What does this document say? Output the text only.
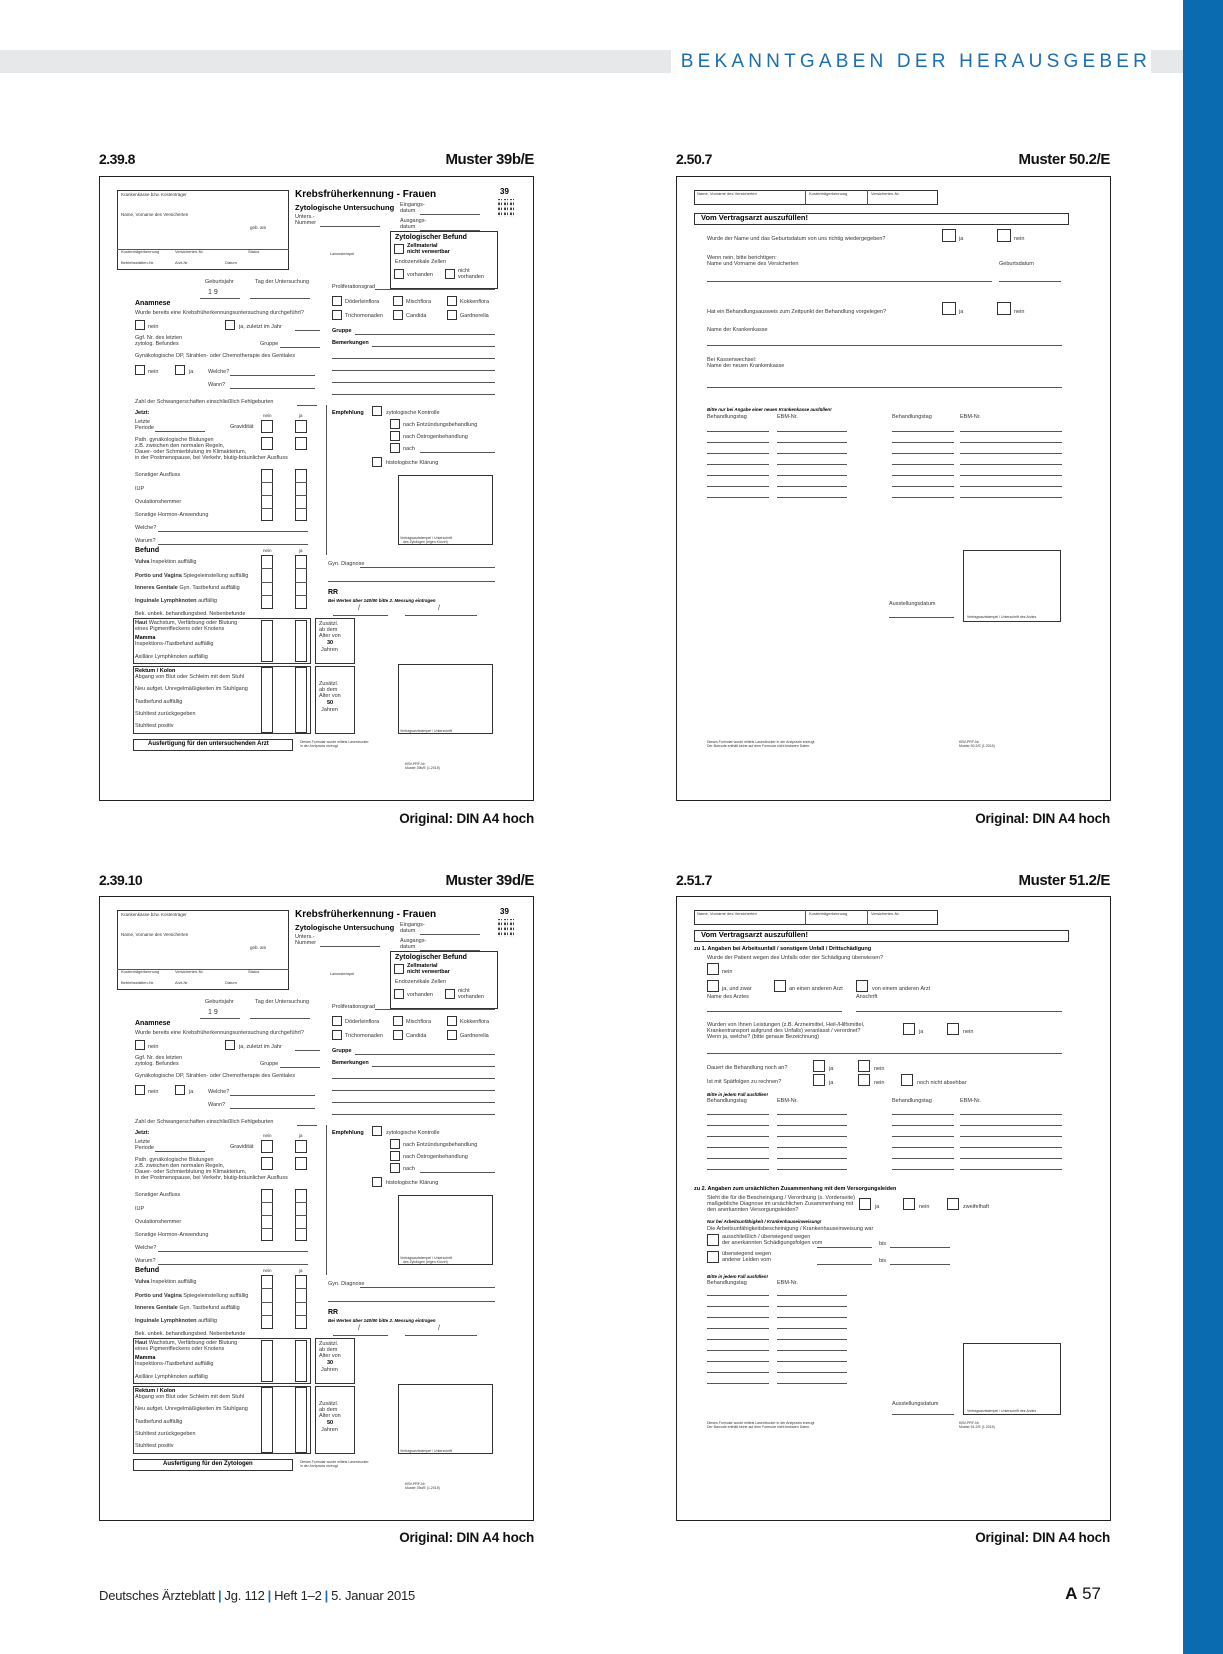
BEKANNTGABEN DER HERAUSGEBER
2.39.8	Muster 39b/E	2.50.7	Muster 50.2/E
2.39.10	Muster 39d/E	2.51.7	Muster 51.2/E
Krankenkasse bzw. Kostenträger
Name, Vorname des Versicherten
geb. am
Kostenträgerkennung	Versicherten-Nr.	Status
Betriebsstätten-Nr.	Arzt-Nr.	Datum
Krebsfrüherkennung - Frauen	39
Zytologische Untersuchung
Unters.-
Nummer
Eingangs-
datum
Ausgangs-
datum
Laborstempel
Zytologischer Befund
Zellmaterial
nicht verwertbar
Endozervikale Zellen
vorhanden
nicht
vorhanden
Geburtsjahr	Tag der Untersuchung
1 9
Proliferationsgrad
Döderleinflora	Mischflora	Kokkenflora
Trichomonaden	Candida	Gardnerella
Gruppe
Bemerkungen
Anamnese
Wurde bereits eine Krebsfrüherkennungsuntersuchung durchgeführt?
nein	ja, zuletzt im Jahr
Ggf. Nr. des letzten
zytolog. Befundes	Gruppe
Gynäkologische OP, Strahlen- oder Chemotherapie des Genitales
nein	ja	Welche?
Wann?
Zahl der Schwangerschaften einschließlich Fehlgeburten
Jetzt:	nein	ja
Letzte
Periode	Gravidität
Path. gynäkologische Blutungen
z.B. zwischen den normalen Regeln,
Dauer- oder Schmierblutung im Klimakterium,
in der Postmenopause, bei Verkehr, blutig-bräunlicher Ausfluss
Sonstiger Ausfluss
IUP
Ovulationshemmer
Sonstige Hormon-Anwendung
Welche?
Warum?
Empfehlung	zytologische Kontrolle
nach Entzündungsbehandlung
nach Östrogenbehandlung
nach
histologische Klärung
Vertragsarztstempel / Unterschrift
des Zytologen (eigen Kürzel)
Befund	nein	ja
Vulva Inspektion auffällig
Portio und Vagina Spiegeleinstellung auffällig
Inneres Genitale Gyn. Tastbefund auffällig
Inguinale Lymphknoten auffällig
Bek. unbek. behandlungsbed. Nebenbefunde
Gyn. Diagnose
RR
Bei Werten über 140/90 bitte 2. Messung eintragen
/	/
Haut Wachstum, Verfärbung oder Blutung
eines Pigmentfleckens oder Knotens
Mamma
Inspektions-/Tastbefund auffällig
Axilläre Lymphknoten auffällig
Zusätzl.
ab dem
Alter von
30
Jahren
Rektum / Kolon
Abgang von Blut oder Schleim mit dem Stuhl
Neu aufget. Unregelmäßigkeiten im Stuhlgang
Tastbefund auffällig
Stuhltest zurückgegeben
Stuhltest positiv
Zusätzl.
ab dem
Alter von
50
Jahren
Vertragsarztstempel / Unterschrift
Ausfertigung für den untersuchenden Arzt	Dieses Formular wurde mittels Laserdrucker
in der Arztpraxis erzeugt
KBV-PRF-Nr.
Muster 39b/E (1.2015)
Name, Vorname des Versicherten	Kostenträgerkennung	Versicherten-Nr.
Vom Vertragsarzt auszufüllen!
Wurde der Name und das Geburtsdatum von uns richtig wiedergegeben?	ja	nein
Wenn nein, bitte berichtigen:
Name und Vorname des Versicherten	Geburtsdatum
Hat ein Behandlungsausweis zum Zeitpunkt der Behandlung vorgelegen?	ja	nein
Name der Krankenkasse
Bei Kassenwechsel:
Name der neuen Krankenkasse
Bitte nur bei Angabe einer neuen Krankenkasse ausfüllen!
Behandlungstag	EBM-Nr.	Behandlungstag	EBM-Nr.
Ausstellungsdatum
Vertragsarztstempel / Unterschrift des Arztes
Dieses Formular wurde mittels Laserdrucker in der Arztpraxis erzeugt
Der Barcode enthält keine auf dem Formular nicht lesbaren Daten.
KBV-PRF-Nr.
Muster 50.2/E (1.2015)
Krankenkasse bzw. Kostenträger
Name, Vorname des Versicherten
geb. am
Kostenträgerkennung	Versicherten-Nr.	Status
Betriebsstätten-Nr.	Arzt-Nr.	Datum
Krebsfrüherkennung - Frauen	39
Zytologische Untersuchung
Unters.-
Nummer
Eingangs-
datum
Ausgangs-
datum
Laborstempel
Zytologischer Befund
Zellmaterial
nicht verwertbar
Endozervikale Zellen
vorhanden
nicht
vorhanden
Geburtsjahr	Tag der Untersuchung
1 9
Proliferationsgrad
Döderleinflora	Mischflora	Kokkenflora
Trichomonaden	Candida	Gardnerella
Gruppe
Bemerkungen
Anamnese
Wurde bereits eine Krebsfrüherkennungsuntersuchung durchgeführt?
nein	ja, zuletzt im Jahr
Ggf. Nr. des letzten
zytolog. Befundes	Gruppe
Gynäkologische OP, Strahlen- oder Chemotherapie des Genitales
nein	ja	Welche?
Wann?
Zahl der Schwangerschaften einschließlich Fehlgeburten
Jetzt:	nein	ja
Letzte
Periode	Gravidität
Path. gynäkologische Blutungen
z.B. zwischen den normalen Regeln,
Dauer- oder Schmierblutung im Klimakterium,
in der Postmenopause, bei Verkehr, blutig-bräunlicher Ausfluss
Sonstiger Ausfluss
IUP
Ovulationshemmer
Sonstige Hormon-Anwendung
Welche?
Warum?
Empfehlung	zytologische Kontrolle
nach Entzündungsbehandlung
nach Östrogenbehandlung
nach
histologische Klärung
Vertragsarztstempel / Unterschrift
des Zytologen (eigen Kürzel)
Befund	nein	ja
Vulva Inspektion auffällig
Portio und Vagina Spiegeleinstellung auffällig
Inneres Genitale Gyn. Tastbefund auffällig
Inguinale Lymphknoten auffällig
Bek. unbek. behandlungsbed. Nebenbefunde
Gyn. Diagnose
RR
Bei Werten über 140/90 bitte 2. Messung eintragen
/	/
Haut Wachstum, Verfärbung oder Blutung
eines Pigmentfleckens oder Knotens
Mamma
Inspektions-/Tastbefund auffällig
Axilläre Lymphknoten auffällig
Zusätzl.
ab dem
Alter von
30
Jahren
Rektum / Kolon
Abgang von Blut oder Schleim mit dem Stuhl
Neu aufget. Unregelmäßigkeiten im Stuhlgang
Tastbefund auffällig
Stuhltest zurückgegeben
Stuhltest positiv
Zusätzl.
ab dem
Alter von
50
Jahren
Vertragsarztstempel / Unterschrift
Ausfertigung für den Zytologen	Dieses Formular wurde mittels Laserdrucker
in der Arztpraxis erzeugt
KBV-PRF-Nr.
Muster 39d/E (1.2015)
Name, Vorname des Versicherten	Kostenträgerkennung	Versicherten-Nr.
Vom Vertragsarzt auszufüllen!
zu 1. Angaben bei Arbeitsunfall / sonstigem Unfall / Drittschädigung
Wurde der Patient wegen des Unfalls oder der Schädigung überwiesen?
nein
ja, und zwar	an einen anderen Arzt	von einem anderen Arzt
Name des Arztes	Anschrift
Wurden von Ihnen Leistungen (z.B. Arzneimittel, Heil-/Hilfsmittel,
Krankentransport aufgrund des Unfalls) veranlasst / verordnet?
Wenn ja, welche? (bitte genaue Bezeichnung)
ja	nein
Dauert die Behandlung noch an?	ja	nein
Ist mit Spätfolgen zu rechnen?	ja	nein	noch nicht absehbar
Bitte in jedem Fall ausfüllen!
Behandlungstag	EBM-Nr.	Behandlungstag	EBM-Nr.
zu 2. Angaben zum ursächlichen Zusammenhang mit dem Versorgungsleiden
Steht die für die Bescheinigung / Verordnung (s. Vorderseite)
maßgebliche Diagnose im ursächlichen Zusammenhang mit
den anerkannten Versorgungsleiden?	ja	nein	zweifelhaft
Nur bei Arbeitsunfähigkeit / Krankenhauseinweisung!
Die Arbeitsunfähigkeitsbescheinigung / Krankenhauseinweisung war
ausschließlich / überwiegend wegen
der anerkannten Schädigungsfolgen vom	bis
überwiegend wegen
anderer Leiden vom	bis
Bitte in jedem Fall ausfüllen!
Behandlungstag	EBM-Nr.
Ausstellungsdatum
Vertragsarztstempel / Unterschrift des Arztes
Dieses Formular wurde mittels Laserdrucker in der Arztpraxis erzeugt
Der Barcode enthält keine auf dem Formular nicht lesbaren Daten.
KBV-PRF-Nr.
Muster 51.2/E (1.2015)
Original: DIN A4 hoch	Original: DIN A4 hoch
Original: DIN A4 hoch	Original: DIN A4 hoch
Deutsches Ärzteblatt | Jg. 112 | Heft 1–2 | 5. Januar 2015	A 57
